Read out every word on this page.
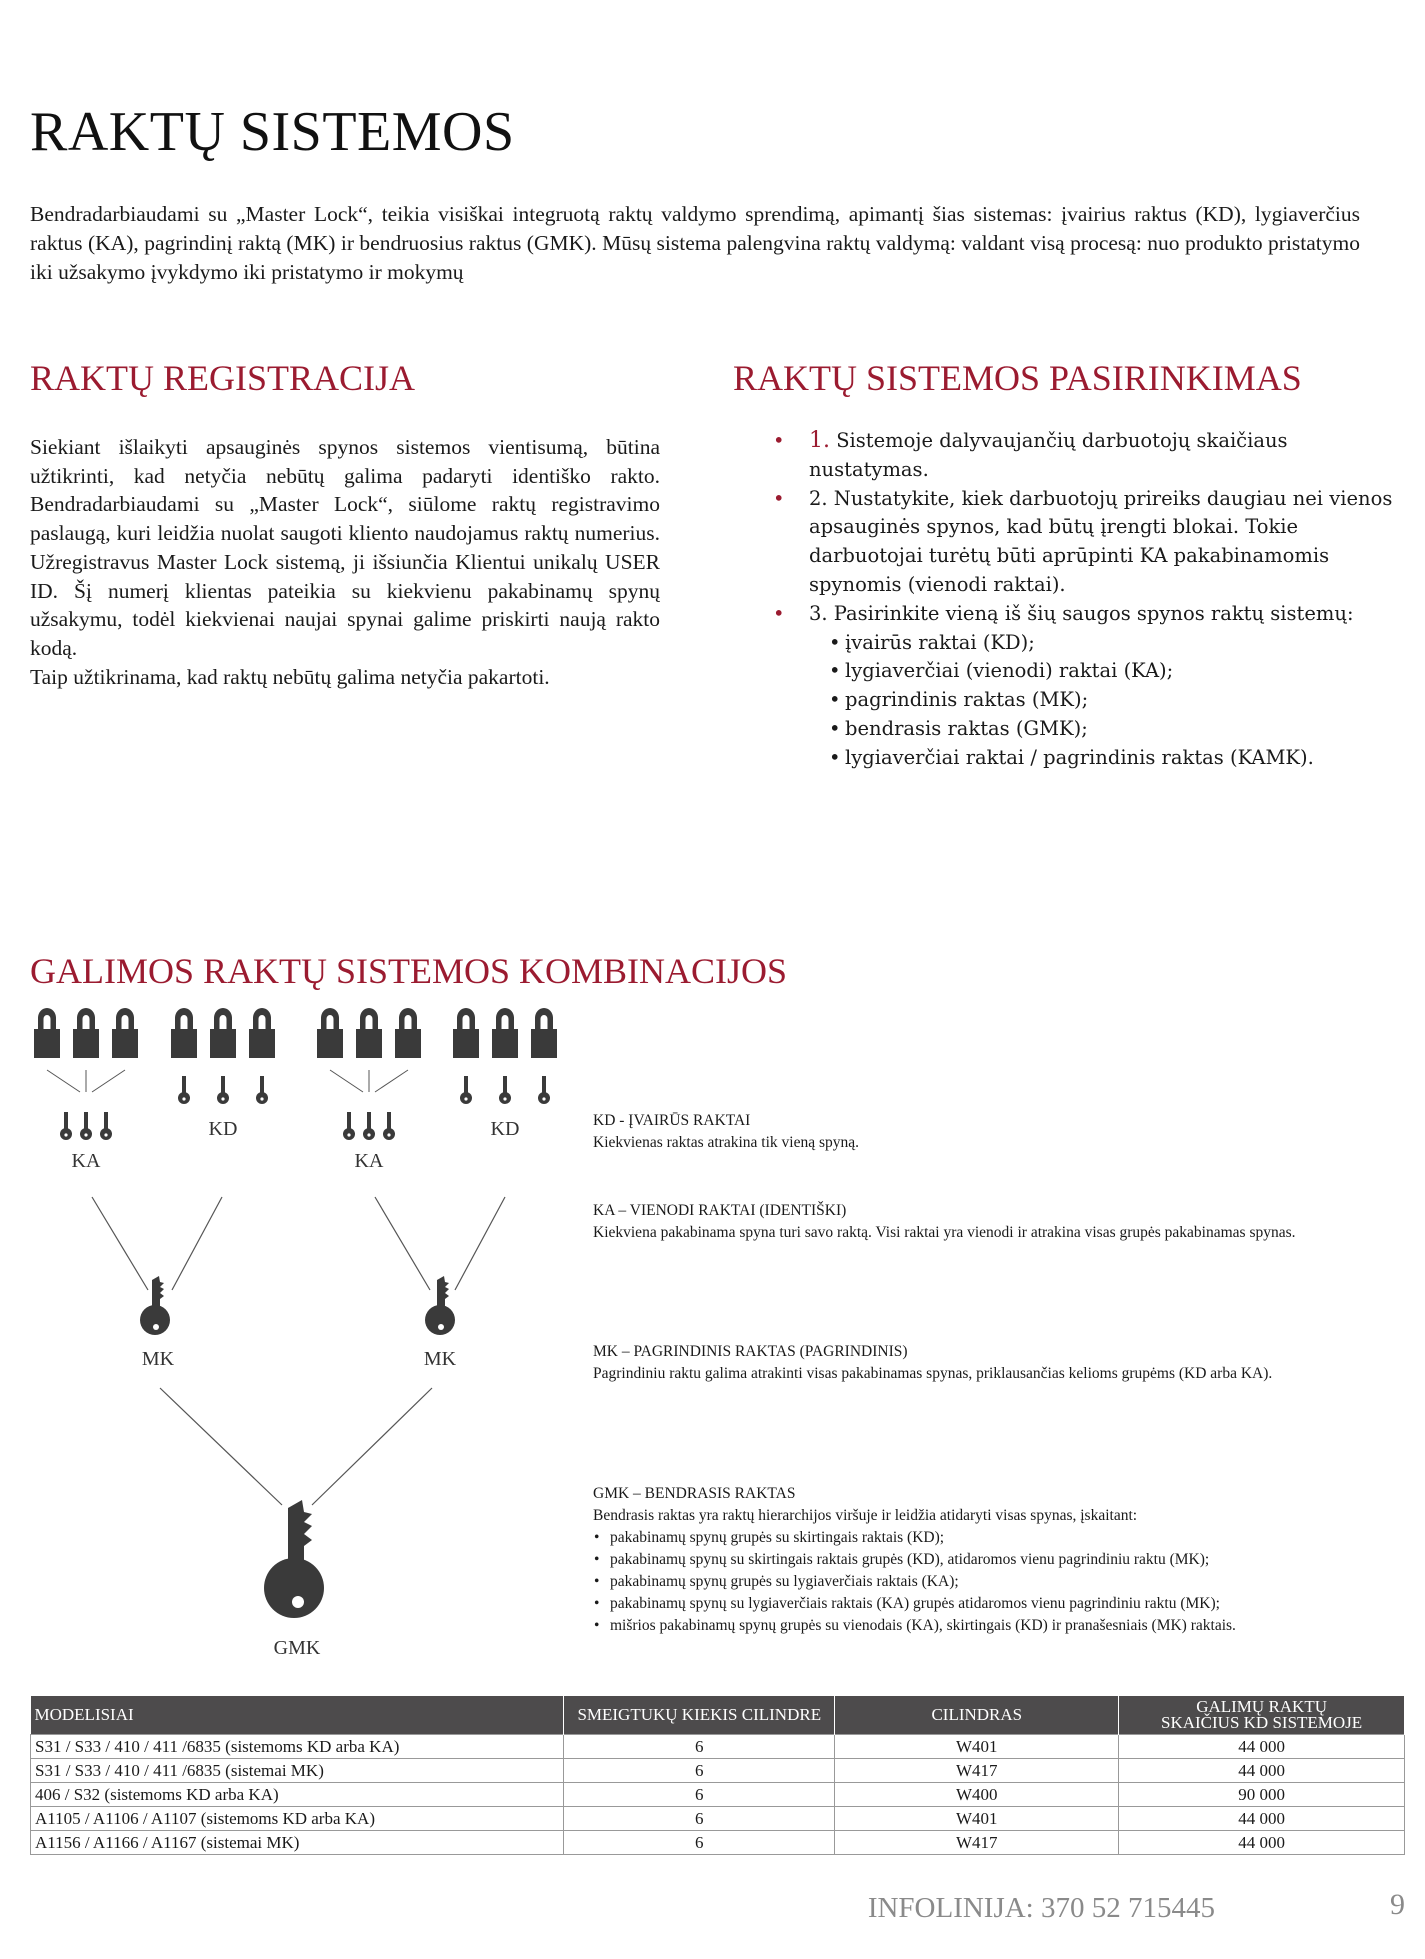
RAKTŲ SISTEMOS
Bendradarbiaudami su „Master Lock“, teikia visiškai integruotą raktų valdymo sprendimą, apimantį šias sistemas: įvairius raktus (KD), lygiaverčius raktus (KA), pagrindinį raktą (MK) ir bendruosius raktus (GMK). Mūsų sistema palengvina raktų valdymą: valdant visą procesą: nuo produkto pristatymo iki užsakymo įvykdymo iki pristatymo ir mokymų
RAKTŲ REGISTRACIJA

Siekiant išlaikyti apsauginės spynos sistemos vientisumą, būtina užtikrinti, kad netyčia nebūtų galima padaryti identiško rakto. Bendradarbiaudami su „Master Lock“, siūlome raktų registravimo paslaugą, kuri leidžia nuolat saugoti kliento naudojamus raktų numerius. Užregistravus Master Lock sistemą, ji išsiunčia Klientui unikalų USER ID. Šį numerį klientas pateikia su kiekvienu pakabinamų spynų užsakymu, todėl kiekvienai naujai spynai galime priskirti naują rakto kodą.

Taip užtikrinama, kad raktų nebūtų galima netyčia pakartoti.

RAKTŲ SISTEMOS PASIRINKIMAS
• 1. Sistemoje dalyvaujančių darbuotojų skaičiaus nustatymas.
• 2. Nustatykite, kiek darbuotojų prireiks daugiau nei vienos apsauginės spynos, kad būtų įrengti blokai. Tokie darbuotojai turėtų būti aprūpinti KA pakabinamomis spynomis (vienodi raktai).
• 3. Pasirinkite vieną iš šių saugos spynos raktų sistemų:
• įvairūs raktai (KD);
• lygiaverčiai (vienodi) raktai (KA);
• pagrindinis raktas (MK);
• bendrasis raktas (GMK);
• lygiaverčiai raktai / pagrindinis raktas (KAMK).
GALIMOS RAKTŲ SISTEMOS KOMBINACIJOS
KA
KD
KA
KD
MK	MK
GMK

KD - ĮVAIRŪS RAKTAI

Kiekvienas raktas atrakina tik vieną spyną.

KA – VIENODI RAKTAI (IDENTIŠKI)

Kiekviena pakabinama spyna turi savo raktą. Visi raktai yra vienodi ir atrakina visas grupės pakabinamas spynas.

MK – PAGRINDINIS RAKTAS (PAGRINDINIS)

Pagrindiniu raktu galima atrakinti visas pakabinamas spynas, priklausančias kelioms grupėms (KD arba KA).

GMK – BENDRASIS RAKTAS

Bendrasis raktas yra raktų hierarchijos viršuje ir leidžia atidaryti visas spynas, įskaitant:

• pakabinamų spynų grupės su skirtingais raktais (KD);
• pakabinamų spynų su skirtingais raktais grupės (KD), atidaromos vienu pagrindiniu raktu (MK);
• pakabinamų spynų grupės su lygiaverčiais raktais (KA);
• pakabinamų spynų su lygiaverčiais raktais (KA) grupės atidaromos vienu pagrindiniu raktu (MK);
• mišrios pakabinamų spynų grupės su vienodais (KA), skirtingais (KD) ir pranašesniais (MK) raktais.
MODELISIAI	SMEIGTUKŲ KIEKIS CILINDRE	CILINDRAS	GALIMŲ RAKTŲ
SKAIČIUS KD SISTEMOJE
S31 / S33 / 410 / 411 /6835 (sistemoms KD arba KA)	6	W401	44 000
S31 / S33 / 410 / 411 /6835 (sistemai MK)	6	W417	44 000
406 / S32 (sistemoms KD arba KA)	6	W400	90 000
A1105 / A1106 / A1107 (sistemoms KD arba KA)	6	W401	44 000
A1156 / A1166 / A1167 (sistemai MK)	6	W417	44 000
INFOLINIJA: 370 52 715445	9
